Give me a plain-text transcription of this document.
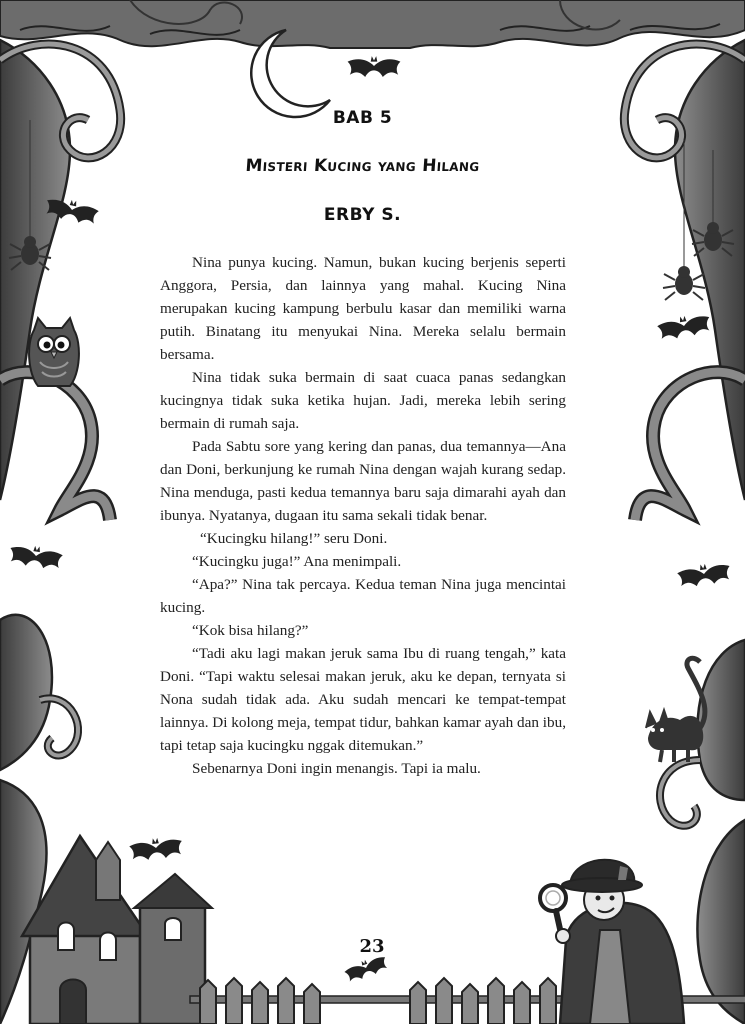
BAB 5
Misteri Kucing yang Hilang
ERBY S.

Nina punya kucing. Namun, bukan kucing berjenis seperti Anggora, Persia, dan lainnya yang mahal. Kucing Nina merupakan kucing kampung berbulu kasar dan memiliki warna putih. Binatang itu menyukai Nina. Mereka selalu bermain bersama.

Nina tidak suka bermain di saat cuaca panas sedangkan kucingnya tidak suka ketika hujan. Jadi, mereka lebih sering bermain di rumah saja.

Pada Sabtu sore yang kering dan panas, dua temannya—Ana dan Doni, berkunjung ke rumah Nina dengan wajah kurang sedap. Nina menduga, pasti kedua temannya baru saja dimarahi ayah dan ibunya. Nyatanya, dugaan itu sama sekali tidak benar.

“Kucingku hilang!” seru Doni.

“Kucingku juga!” Ana menimpali.

“Apa?” Nina tak percaya. Kedua teman Nina juga mencintai kucing.

“Kok bisa hilang?”

“Tadi aku lagi makan jeruk sama Ibu di ruang tengah,” kata Doni. “Tapi waktu selesai makan jeruk, aku ke depan, ternyata si Nona sudah tidak ada. Aku sudah mencari ke tempat-tempat lainnya. Di kolong meja, tempat tidur, bahkan kamar ayah dan ibu, tapi tetap saja kucingku nggak ditemukan.”

Sebenarnya Doni ingin menangis. Tapi ia malu.

23
